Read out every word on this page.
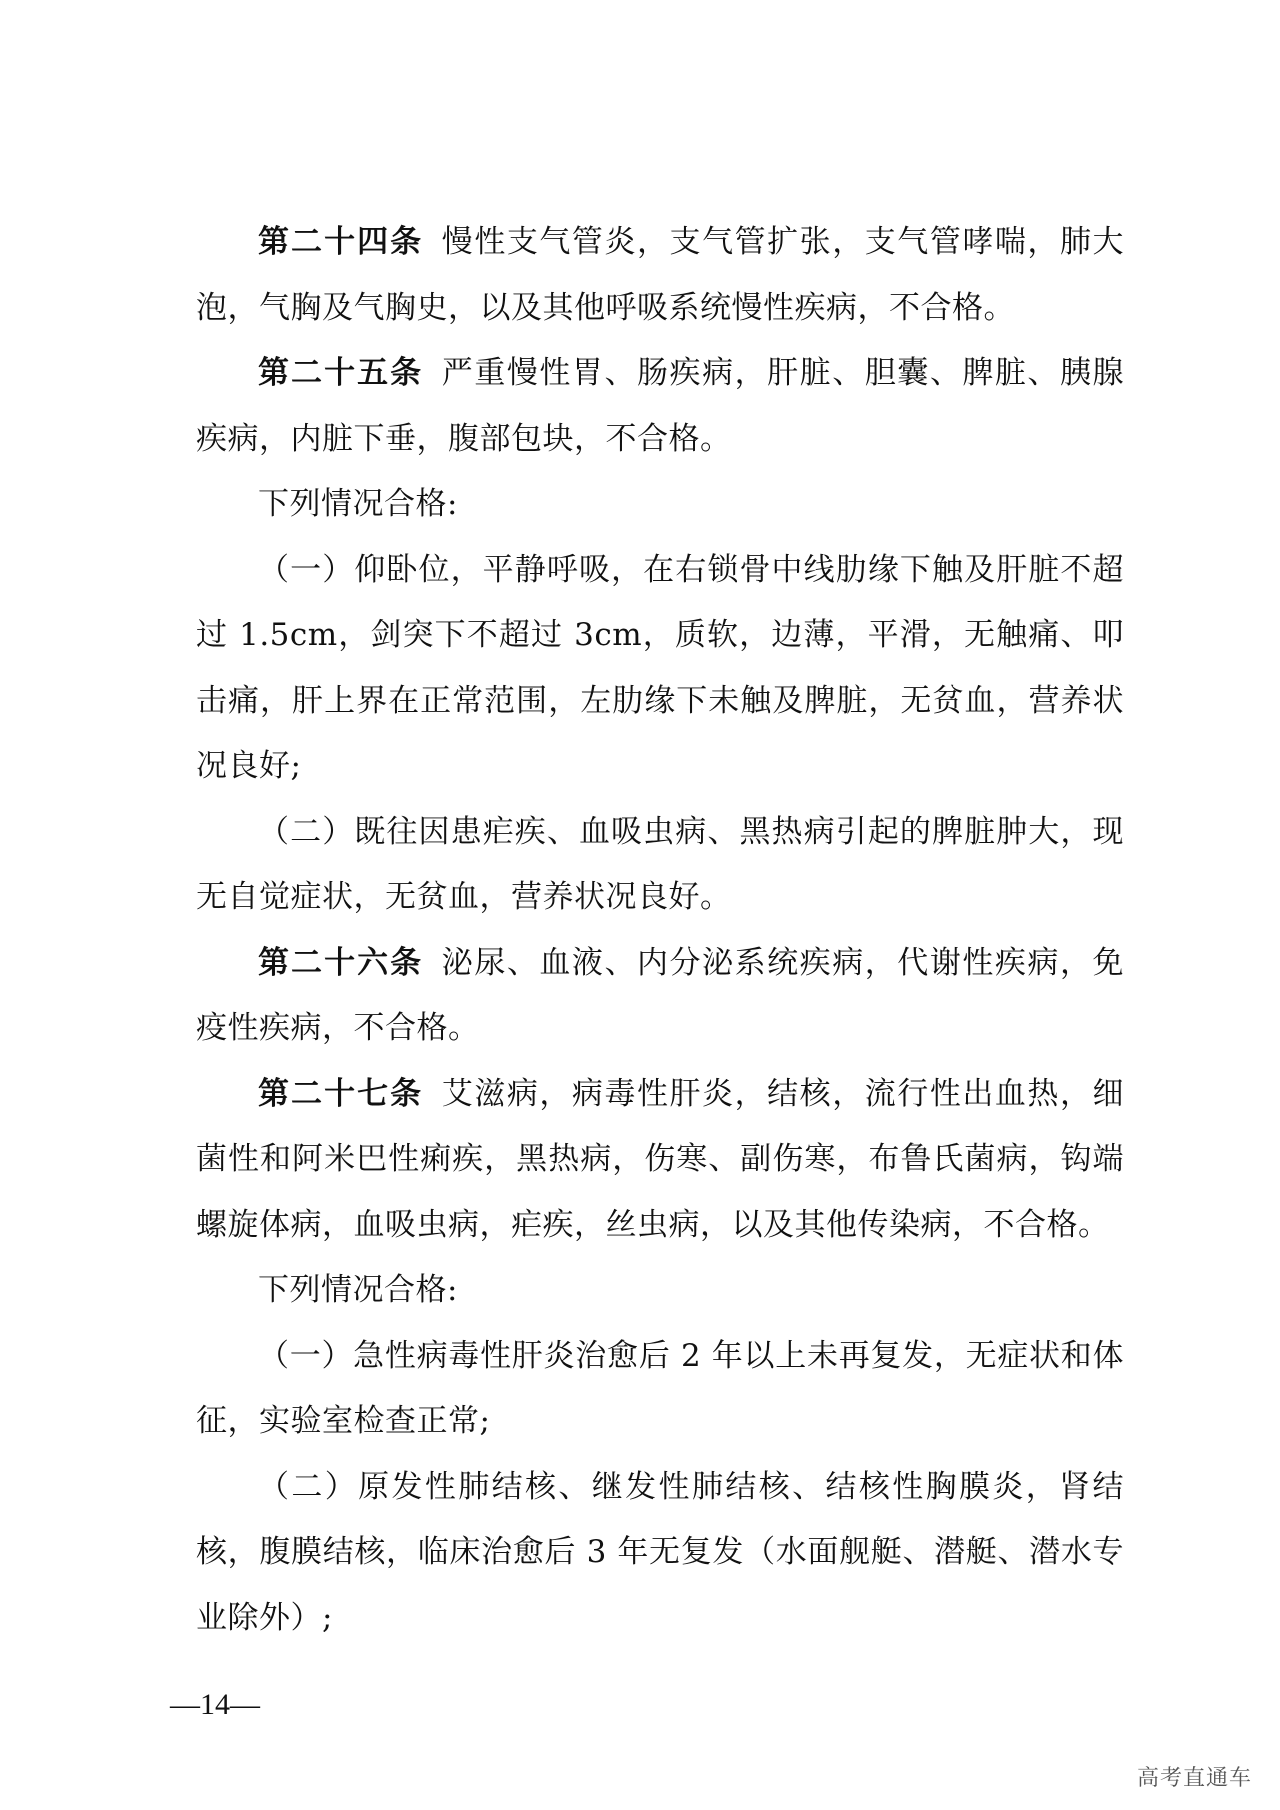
第二十四条 慢性支气管炎，支气管扩张，支气管哮喘，肺大泡，气胸及气胸史，以及其他呼吸系统慢性疾病，不合格。

第二十五条 严重慢性胃、肠疾病，肝脏、胆囊、脾脏、胰腺疾病，内脏下垂，腹部包块，不合格。

下列情况合格:

（一）仰卧位，平静呼吸，在右锁骨中线肋缘下触及肝脏不超过 1.5cm，剑突下不超过 3cm，质软，边薄，平滑，无触痛、叩击痛，肝上界在正常范围，左肋缘下未触及脾脏，无贫血，营养状况良好;

（二）既往因患疟疾、血吸虫病、黑热病引起的脾脏肿大，现无自觉症状，无贫血，营养状况良好。

第二十六条 泌尿、血液、内分泌系统疾病，代谢性疾病，免疫性疾病，不合格。

第二十七条 艾滋病，病毒性肝炎，结核，流行性出血热，细菌性和阿米巴性痢疾，黑热病，伤寒、副伤寒，布鲁氏菌病，钩端螺旋体病，血吸虫病，疟疾，丝虫病，以及其他传染病，不合格。

下列情况合格:

（一）急性病毒性肝炎治愈后 2 年以上未再复发，无症状和体征，实验室检查正常;

（二）原发性肺结核、继发性肺结核、结核性胸膜炎，肾结核，腹膜结核，临床治愈后 3 年无复发（水面舰艇、潜艇、潜水专业除外）;

—14—
高考直通车
